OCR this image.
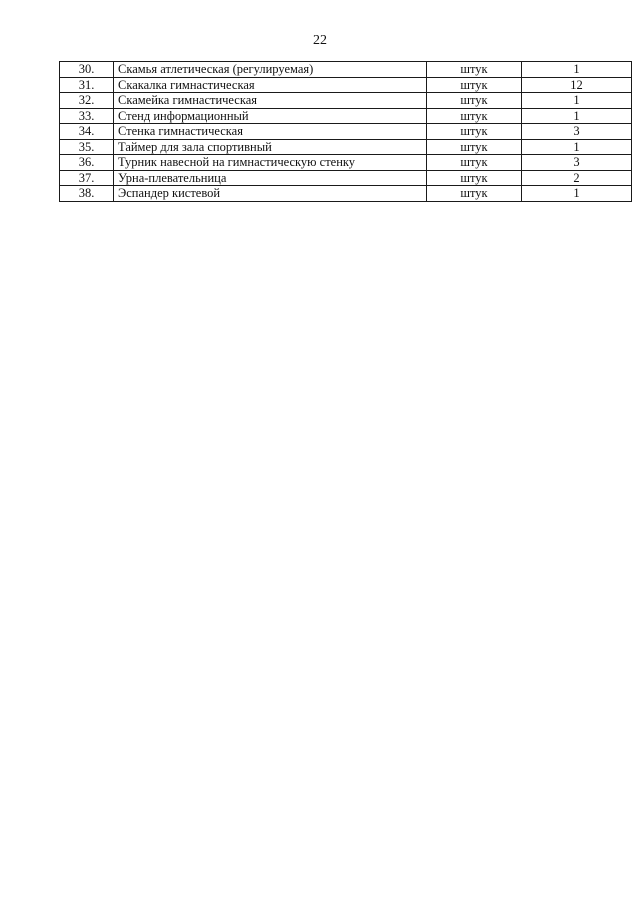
22
30.	Скамья атлетическая (регулируемая)	штук	1
31.	Скакалка гимнастическая	штук	12
32.	Скамейка гимнастическая	штук	1
33.	Стенд информационный	штук	1
34.	Стенка гимнастическая	штук	3
35.	Таймер для зала спортивный	штук	1
36.	Турник навесной на гимнастическую стенку	штук	3
37.	Урна-плевательница	штук	2
38.	Эспандер кистевой	штук	1
